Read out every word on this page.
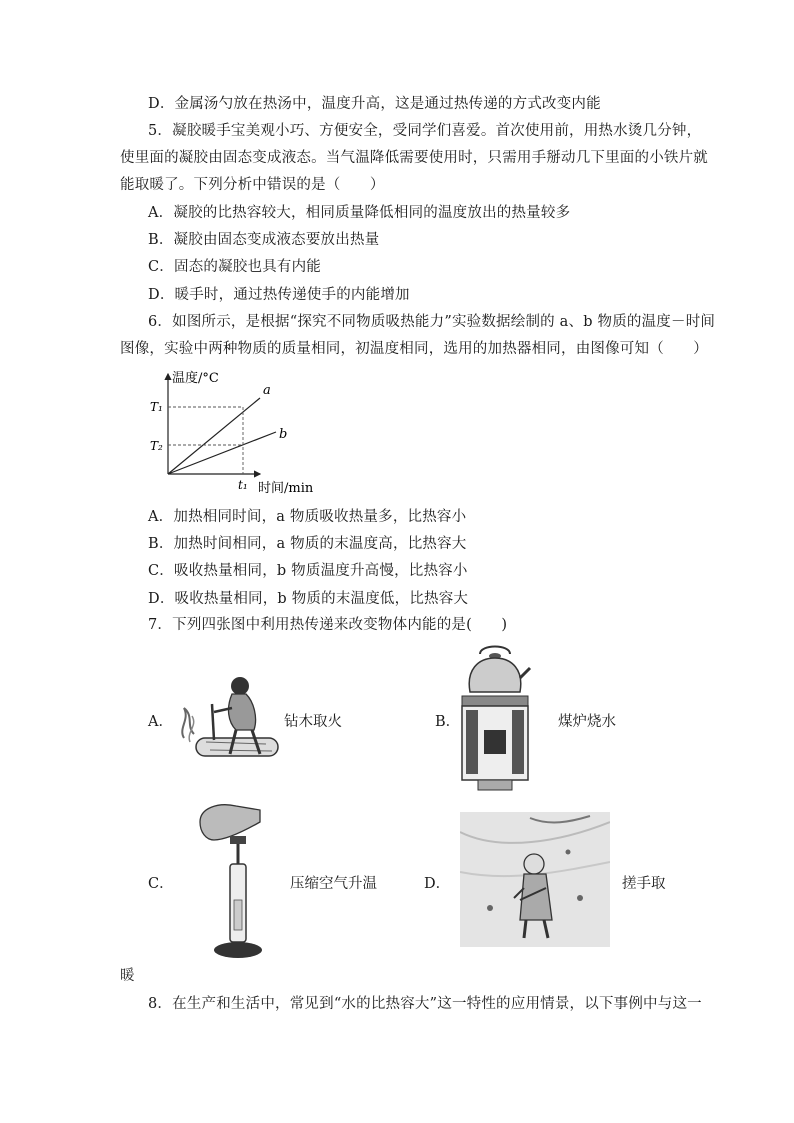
D．金属汤勺放在热汤中，温度升高，这是通过热传递的方式改变内能
5．凝胶暖手宝美观小巧、方便安全，受同学们喜爱。首次使用前，用热水烫几分钟，
使里面的凝胶由固态变成液态。当气温降低需要使用时，只需用手掰动几下里面的小铁片就
能取暖了。下列分析中错误的是（　　）
A．凝胶的比热容较大，相同质量降低相同的温度放出的热量较多
B．凝胶由固态变成液态要放出热量
C．固态的凝胶也具有内能
D．暖手时，通过热传递使手的内能增加
6．如图所示，是根据“探究不同物质吸热能力”实验数据绘制的 a、b 物质的温度－时间
图像，实验中两种物质的质量相同，初温度相同，选用的加热器相同，由图像可知（　　）
温度/°C
时间/min
T₁
T₂
t₁
a
b
A．加热相同时间，a 物质吸收热量多，比热容小
B．加热时间相同，a 物质的末温度高，比热容大
C．吸收热量相同，b 物质温度升高慢，比热容小
D．吸收热量相同，b 物质的末温度低，比热容大
7．下列四张图中利用热传递来改变物体内能的是(　　)
A．	钻木取火	B．	煤炉烧水
C．	压缩空气升温	D．	搓手取
暖
8．在生产和生活中，常见到“水的比热容大”这一特性的应用情景，以下事例中与这一
